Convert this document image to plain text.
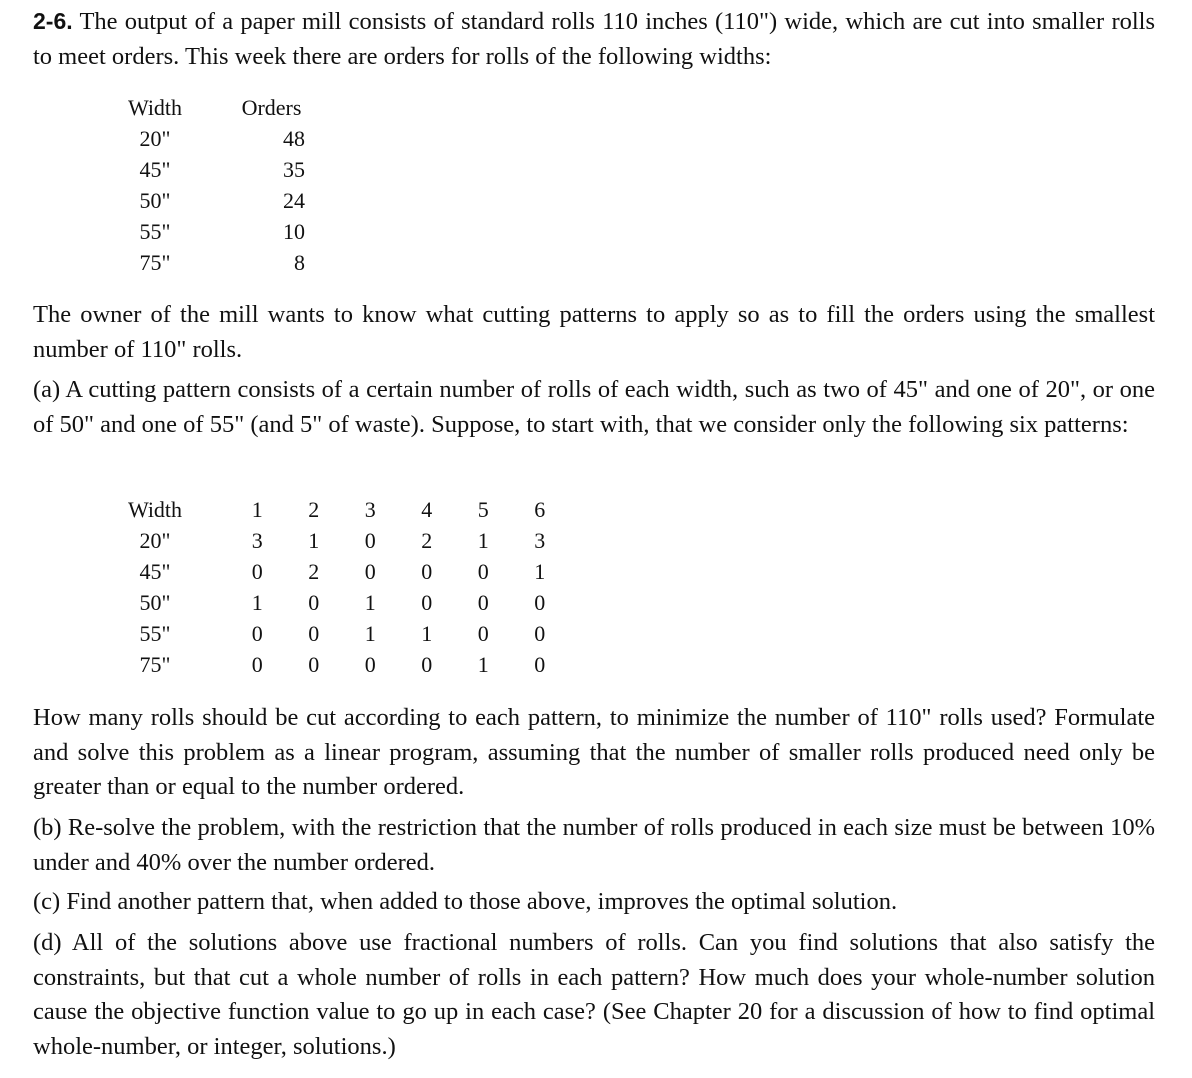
2-6. The output of a paper mill consists of standard rolls 110 inches (110") wide, which are cut into smaller rolls to meet orders. This week there are orders for rolls of the following widths:

Width		Orders
20"		48
45"		35
50"		24
55"		10
75"		8

The owner of the mill wants to know what cutting patterns to apply so as to fill the orders using the smallest number of 110" rolls.

(a) A cutting pattern consists of a certain number of rolls of each width, such as two of 45" and one of 20", or one of 50" and one of 55" (and 5" of waste). Suppose, to start with, that we consider only the following six patterns:

Width		1	2	3	4	5	6
20"		3	1	0	2	1	3
45"		0	2	0	0	0	1
50"		1	0	1	0	0	0
55"		0	0	1	1	0	0
75"		0	0	0	0	1	0

How many rolls should be cut according to each pattern, to minimize the number of 110" rolls used? Formulate and solve this problem as a linear program, assuming that the number of smaller rolls produced need only be greater than or equal to the number ordered.

(b) Re-solve the problem, with the restriction that the number of rolls produced in each size must be between 10% under and 40% over the number ordered.

(c) Find another pattern that, when added to those above, improves the optimal solution.

(d) All of the solutions above use fractional numbers of rolls. Can you find solutions that also satisfy the constraints, but that cut a whole number of rolls in each pattern? How much does your whole-number solution cause the objective function value to go up in each case? (See Chapter 20 for a discussion of how to find optimal whole-number, or integer, solutions.)
